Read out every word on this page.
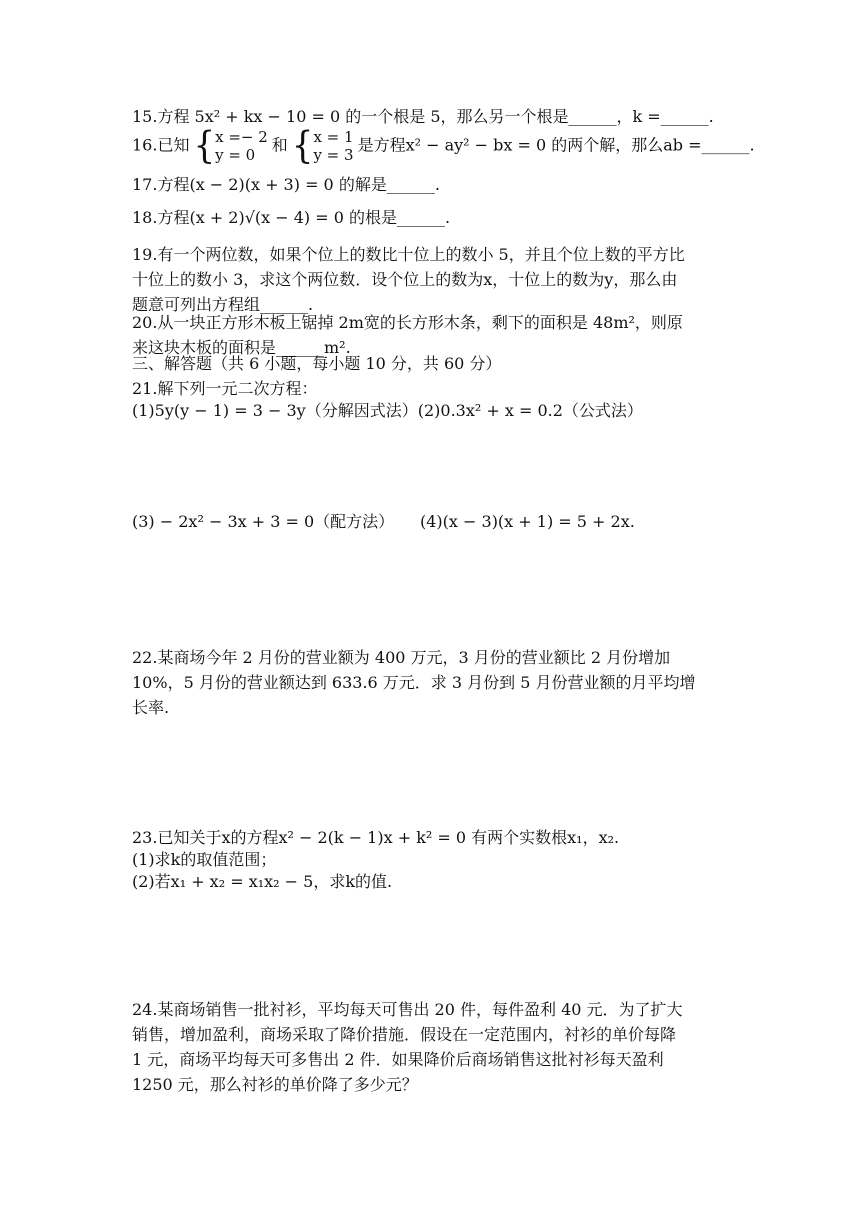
15.方程 5x² + kx − 10 = 0 的一个根是 5，那么另一个根是______，k =______.
16.已知 { x =− 2
y = 0
和 { x = 1
y = 3
是方程x² − ay² − bx = 0 的两个解，那么ab =______.
17.方程(x − 2)(x + 3) = 0 的解是______.
18.方程(x + 2)√(x − 4) = 0 的根是______.
19.有一个两位数，如果个位上的数比十位上的数小 5，并且个位上数的平方比
十位上的数小 3，求这个两位数．设个位上的数为x，十位上的数为y，那么由
题意可列出方程组______.
20.从一块正方形木板上锯掉 2m宽的长方形木条，剩下的面积是 48m²，则原
来这块木板的面积是______m².
三、解答题（共 6 小题，每小题 10 分，共 60 分）
21.解下列一元二次方程：
(1)5y(y − 1) = 3 − 3y（分解因式法）(2)0.3x² + x = 0.2（公式法）
(3) − 2x² − 3x + 3 = 0（配方法） (4)(x − 3)(x + 1) = 5 + 2x.
22.某商场今年 2 月份的营业额为 400 万元，3 月份的营业额比 2 月份增加
10%，5 月份的营业额达到 633.6 万元．求 3 月份到 5 月份营业额的月平均增
长率.
23.已知关于x的方程x² − 2(k − 1)x + k² = 0 有两个实数根x₁，x₂.
(1)求k的取值范围；
(2)若x₁ + x₂ = x₁x₂ − 5，求k的值.
24.某商场销售一批衬衫，平均每天可售出 20 件，每件盈利 40 元．为了扩大
销售，增加盈利，商场采取了降价措施．假设在一定范围内，衬衫的单价每降
1 元，商场平均每天可多售出 2 件．如果降价后商场销售这批衬衫每天盈利
1250 元，那么衬衫的单价降了多少元？
